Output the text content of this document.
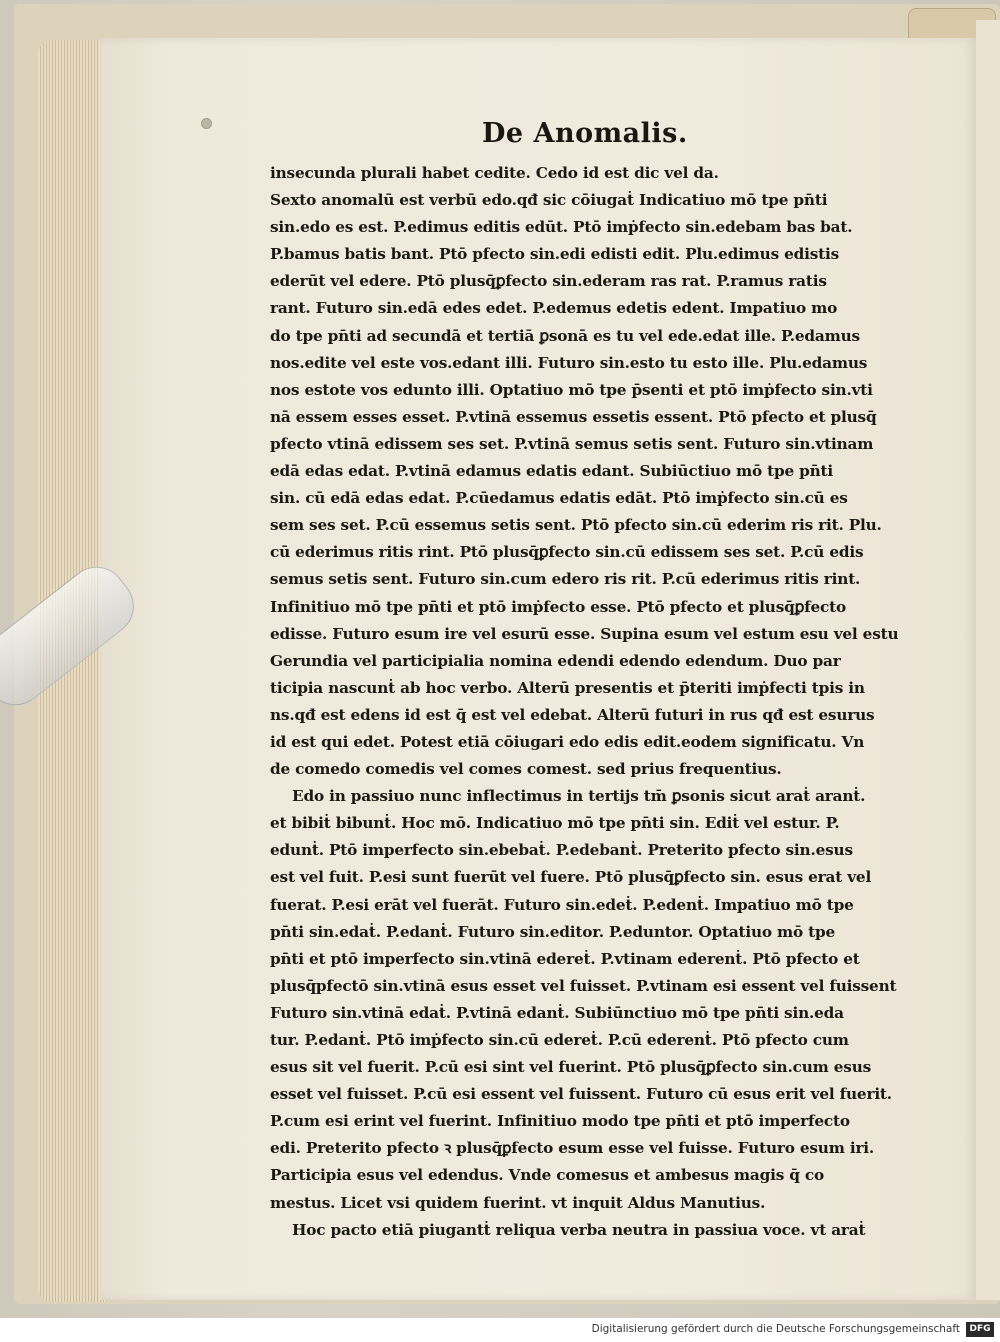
De Anomalis.
insecunda plurali habet cedite. Cedo id est dic vel da.
Sexto anomalū est verbū edo.qđ sic cōiugaṫ Indicatiuo mō tpe pn̄ti
sin.edo es est. P.edimus editis edūt. Ptō imṗfecto sin.edebam bas bat.
P.bamus batis bant. Ptō pfecto sin.edi edisti edit. Plu.edimus edistis
ederūt vel edere. Ptō plusq̄ꝑfecto sin.ederam ras rat. P.ramus ratis
rant. Futuro sin.edā edes edet. P.edemus edetis edent. Impatiuo mo
do tpe pn̄ti ad secundā et tertiā ꝑsonā es tu vel ede.edat ille. P.edamus
nos.edite vel este vos.edant illi. Futuro sin.esto tu esto ille. Plu.edamus
nos estote vos edunto illi. Optatiuo mō tpe p̄senti et ptō imṗfecto sin.vti
nā essem esses esset. P.vtinā essemus essetis essent. Ptō pfecto et plusq̄
pfecto vtinā edissem ses set. P.vtinā semus setis sent. Futuro sin.vtinam
edā edas edat. P.vtinā edamus edatis edant. Subiūctiuo mō tpe pn̄ti
sin. cū edā edas edat. P.cūedamus edatis edāt. Ptō imṗfecto sin.cū es
sem ses set. P.cū essemus setis sent. Ptō pfecto sin.cū ederim ris rit. Plu.
cū ederimus ritis rint. Ptō plusq̄ꝑfecto sin.cū edissem ses set. P.cū edis
semus setis sent. Futuro sin.cum edero ris rit. P.cū ederimus ritis rint.
Infinitiuo mō tpe pn̄ti et ptō imṗfecto esse. Ptō pfecto et plusq̄ꝑfecto
edisse. Futuro esum ire vel esurū esse. Supina esum vel estum esu vel estu
Gerundia vel participialia nomina edendi edendo edendum. Duo par
ticipia nascunṫ ab hoc verbo. Alterū presentis et p̄teriti imṗfecti tpis in
ns.qđ est edens id est q̄ est vel edebat. Alterū futuri in rus qđ est esurus
id est qui edet. Potest etiā cōiugari edo edis edit.eodem significatu. Vn
de comedo comedis vel comes comest. sed prius frequentius.
Edo in passiuo nunc inflectimus in tertijs tm̄ ꝑsonis sicut araṫ aranṫ.
et bibiṫ bibunṫ. Hoc mō. Indicatiuo mō tpe pn̄ti sin. Ediṫ vel estur. P.
edunṫ. Ptō imperfecto sin.ebebaṫ. P.edebanṫ. Preterito pfecto sin.esus
est vel fuit. P.esi sunt fuerūt vel fuere. Ptō plusq̄ꝑfecto sin. esus erat vel
fuerat. P.esi erāt vel fuerāt. Futuro sin.edeṫ. P.edenṫ. Impatiuo mō tpe
pn̄ti sin.edaṫ. P.edanṫ. Futuro sin.editor. P.eduntor. Optatiuo mō tpe
pn̄ti et ptō imperfecto sin.vtinā edereṫ. P.vtinam ederenṫ. Ptō pfecto et
plusq̄pfectō sin.vtinā esus esset vel fuisset. P.vtinam esi essent vel fuissent
Futuro sin.vtinā edaṫ. P.vtinā edanṫ. Subiūnctiuo mō tpe pn̄ti sin.eda
tur. P.edanṫ. Ptō imṗfecto sin.cū edereṫ. P.cū ederenṫ. Ptō pfecto cum
esus sit vel fuerit. P.cū esi sint vel fuerint. Ptō plusq̄ꝑfecto sin.cum esus
esset vel fuisset. P.cū esi essent vel fuissent. Futuro cū esus erit vel fuerit.
P.cum esi erint vel fuerint. Infinitiuo modo tpe pn̄ti et ptō imperfecto
edi. Preterito pfecto ꝛ plusq̄ꝑfecto esum esse vel fuisse. Futuro esum iri.
Participia esus vel edendus. Vnde comesus et ambesus magis q̄ co
mestus. Licet vsi quidem fuerint. vt inquit Aldus Manutius.
Hoc pacto etiā piugantṫ reliqua verba neutra in passiua voce. vt araṫ
Digitalisierung gefördert durch die Deutsche Forschungsgemeinschaft	DFG
